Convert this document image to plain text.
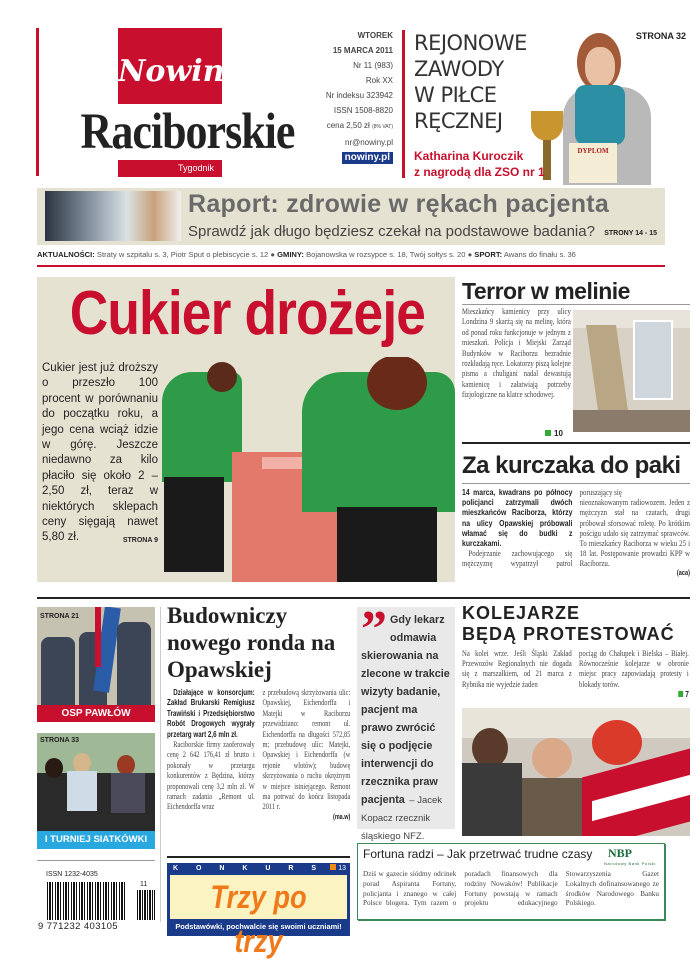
Nowiny
Raciborskie
Tygodnik
WTOREK
15 MARCA 2011
Nr 11 (983)
Rok XX
Nr indeksu 323942
ISSN 1508-8820
cena 2,50 zł (8% VAT)
nr@nowiny.pl
nowiny.pl
DYPLOM
STRONA 32
REJONOWE
ZAWODY
W PIŁCE
RĘCZNEJ
Katharina Kuroczik
z nagrodą dla ZSO nr 1
Raport: zdrowie w rękach pacjenta
Sprawdź jak długo będziesz czekał na podstawowe badania? STRONY 14 - 15
AKTUALNOŚCI: Straty w szpitalu s. 3, Piotr Sput o plebiscycie s. 12 ● GMINY: Bojanowska w rozsypce s. 18, Twój sołtys s. 20 ● SPORT: Awans do finału s. 36
Cukier drożeje
Cukier jest już droższy o przeszło 100 procent w porównaniu do początku roku, a jego cena wciąż idzie w górę. Jeszcze niedawno za kilo płaciło się około 2 – 2,50 zł, teraz w niektórych sklepach ceny sięgają nawet 5,80 zł.	STRONA 9
Terror w melinie
Mieszkańcy kamienicy przy ulicy Londzina 9 skarżą się na melinę, która od ponad roku funkcjonuje w jednym z mieszkań. Policja i Miejski Zarząd Budynków w Raciborzu bezradnie rozkładają ręce. Lokatorzy piszą kolejne pisma a chuligani nadal dewastują kamienicę i załatwiają potrzeby fizjologiczne na klatce schodowej.
10
Za kurczaka do paki
14 marca, kwadrans po północy policjanci zatrzymali dwóch mieszkańców Raciborza, którzy na ulicy Opawskiej próbowali włamać się do budki z kurczakami.
Podejrzanie zachowującego się mężczyznę wypatrzył patrol poruszający się
nieoznakowanym radiowozem. Jeden z mężczyzn stał na czatach, drugi próbował sforsować roletę. Po krótkim pościgu udało się zatrzymać sprawców. To mieszkańcy Raciborza w wieku 25 i 18 lat. Postępowanie prowadzi KPP w Raciborzu.
(aca)
STRONA 21
OSP PAWŁÓW
STRONA 33
I TURNIEJ SIATKÓWKI
ISSN 1232-4035
11
9 771232 403105
Budowniczy nowego ronda na Opawskiej
Działające w konsorcjum: Zakład Brukarski Remigiusz Trawiński i Przedsiębiorstwo Robót Drogowych wygrały przetarg wart 2,6 mln zł.
Raciborskie firmy zaoferowały cenę 2 642 176,41 zł brutto i pokonały w przetargu konkurentów z Będzina, którzy proponowali cenę 3,2 mln zł. W ramach zadania „Remont ul. Eichendorffa wraz
z przebudową skrzyżowania ulic: Opawskiej, Eichendorffa i Matejki w Raciborzu przewidziano: remont ul. Eichendorffa na długości 572,85 m; przebudowę ulic: Matejki, Opawskiej i Eichendorffa (w rejonie wlotów); budowę skrzyżowania o ruchu okrężnym w miejsce istniejącego. Remont ma potrwać do końca listopada 2011 r.
(ma.w)
K O N K U R S	13
Trzy po trzy
Podstawówki, pochwalcie się swoimi uczniami!
” Gdy lekarz odmawia skierowania na zlecone w trakcie wizyty badanie, pacjent ma prawo zwrócić się o podjęcie interwencji do rzecznika praw pacjenta – Jacek Kopacz rzecznik śląskiego NFZ.
KOLEJARZE
BĘDĄ PROTESTOWAĆ
Na kolei wrze. Jeśli Śląski Zakład Przewozów Regionalnych nie dogada się z marszałkiem, od 21 marca z Rybnika nie wyjedzie żaden
pociąg do Chałupek i Bielska – Białej. Równocześnie kolejarze w obronie miejsc pracy zapowiadają protesty i blokady torów.
7
Fortuna radzi – Jak przetrwać trudne czasy NBP
Narodowy Bank Polski
Dziś w gazecie siódmy odcinek porad Aspiranta Fortuny, policjanta i znanego w całej Polsce blogera. Tym razem o poradach finansowych dla rodziny Nowaków! Publikacje Fortuny powstają w ramach projektu edukacyjnego Stowarzyszenia Gazet Lokalnych dofinansowanego ze środków Narodowego Banku Polskiego.
